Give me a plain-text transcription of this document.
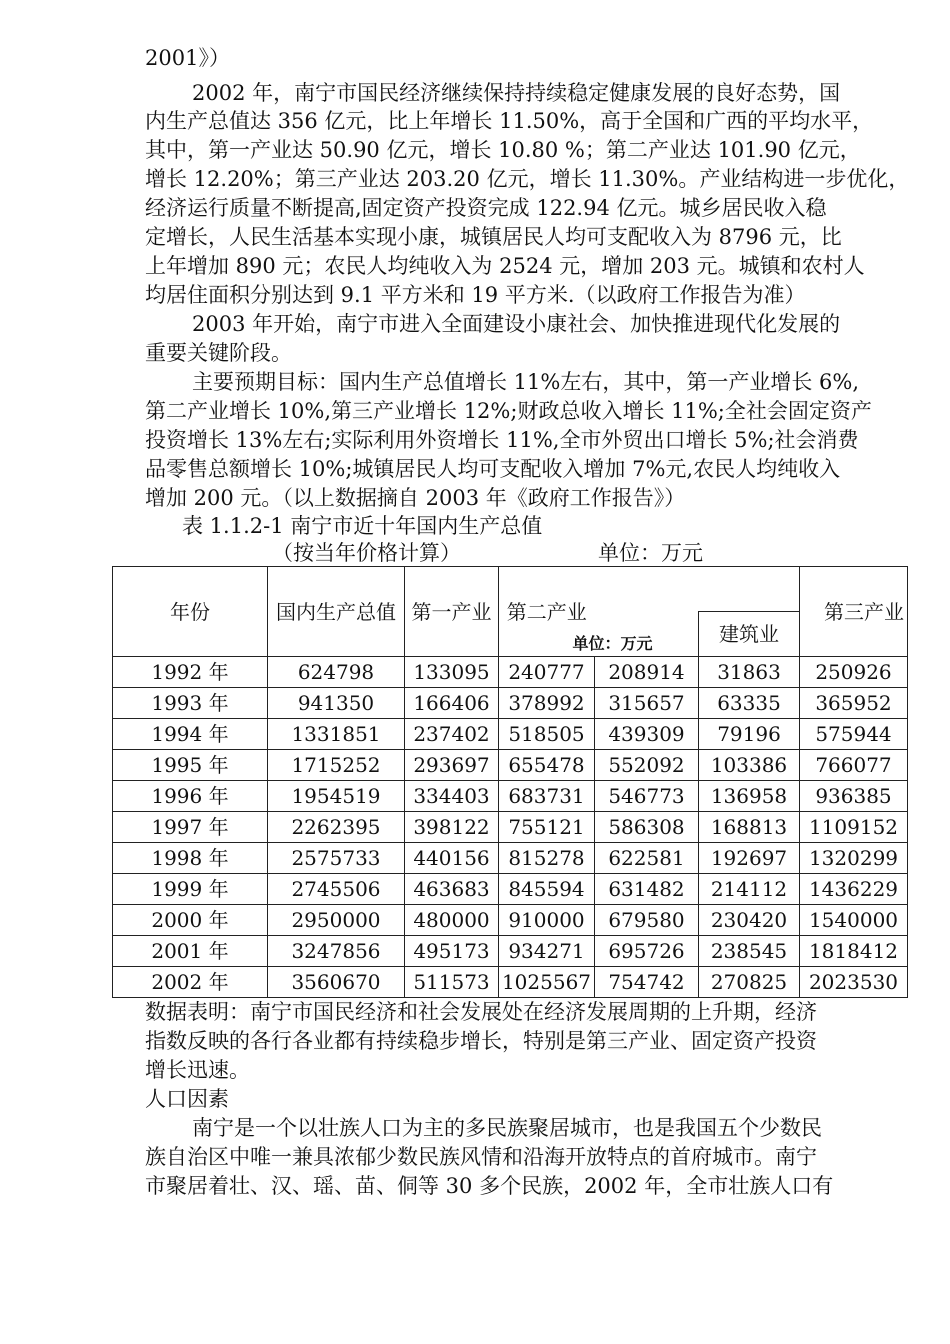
2001》）
2002 年，南宁市国民经济继续保持持续稳定健康发展的良好态势，国
内生产总值达 356 亿元，比上年增长 11.50%，高于全国和广西的平均水平，
其中，第一产业达 50.90 亿元，增长 10.80 %；第二产业达 101.90 亿元，
增长 12.20%；第三产业达 203.20 亿元，增长 11.30%。产业结构进一步优化，
经济运行质量不断提高,固定资产投资完成 122.94 亿元。城乡居民收入稳
定增长，人民生活基本实现小康，城镇居民人均可支配收入为 8796 元，比
上年增加 890 元；农民人均纯收入为 2524 元，增加 203 元。城镇和农村人
均居住面积分别达到 9.1 平方米和 19 平方米.（以政府工作报告为准）
2003 年开始，南宁市进入全面建设小康社会、加快推进现代化发展的
重要关键阶段。
主要预期目标：国内生产总值增长 11%左右，其中，第一产业增长 6%,
第二产业增长 10%,第三产业增长 12%;财政总收入增长 11%;全社会固定资产
投资增长 13%左右;实际利用外资增长 11%,全市外贸出口增长 5%;社会消费
品零售总额增长 10%;城镇居民人均可支配收入增加 7%元,农民人均纯收入
增加 200 元。（以上数据摘自 2003 年《政府工作报告》）
表 1.1.2-1 南宁市近十年国内生产总值
（按当年价格计算）	单位：万元
年份	国内生产总值	第一产业	第二产业			第三产业
				单位：万元	建筑业	
1992 年	624798	133095	240777	208914	31863	250926
1993 年	941350	166406	378992	315657	63335	365952
1994 年	1331851	237402	518505	439309	79196	575944
1995 年	1715252	293697	655478	552092	103386	766077
1996 年	1954519	334403	683731	546773	136958	936385
1997 年	2262395	398122	755121	586308	168813	1109152
1998 年	2575733	440156	815278	622581	192697	1320299
1999 年	2745506	463683	845594	631482	214112	1436229
2000 年	2950000	480000	910000	679580	230420	1540000
2001 年	3247856	495173	934271	695726	238545	1818412
2002 年	3560670	511573	1025567	754742	270825	2023530
数据表明：南宁市国民经济和社会发展处在经济发展周期的上升期，经济
指数反映的各行各业都有持续稳步增长，特别是第三产业、固定资产投资
增长迅速。
人口因素
南宁是一个以壮族人口为主的多民族聚居城市，也是我国五个少数民
族自治区中唯一兼具浓郁少数民族风情和沿海开放特点的首府城市。南宁
市聚居着壮、汉、瑶、苗、侗等 30 多个民族，2002 年，全市壮族人口有
